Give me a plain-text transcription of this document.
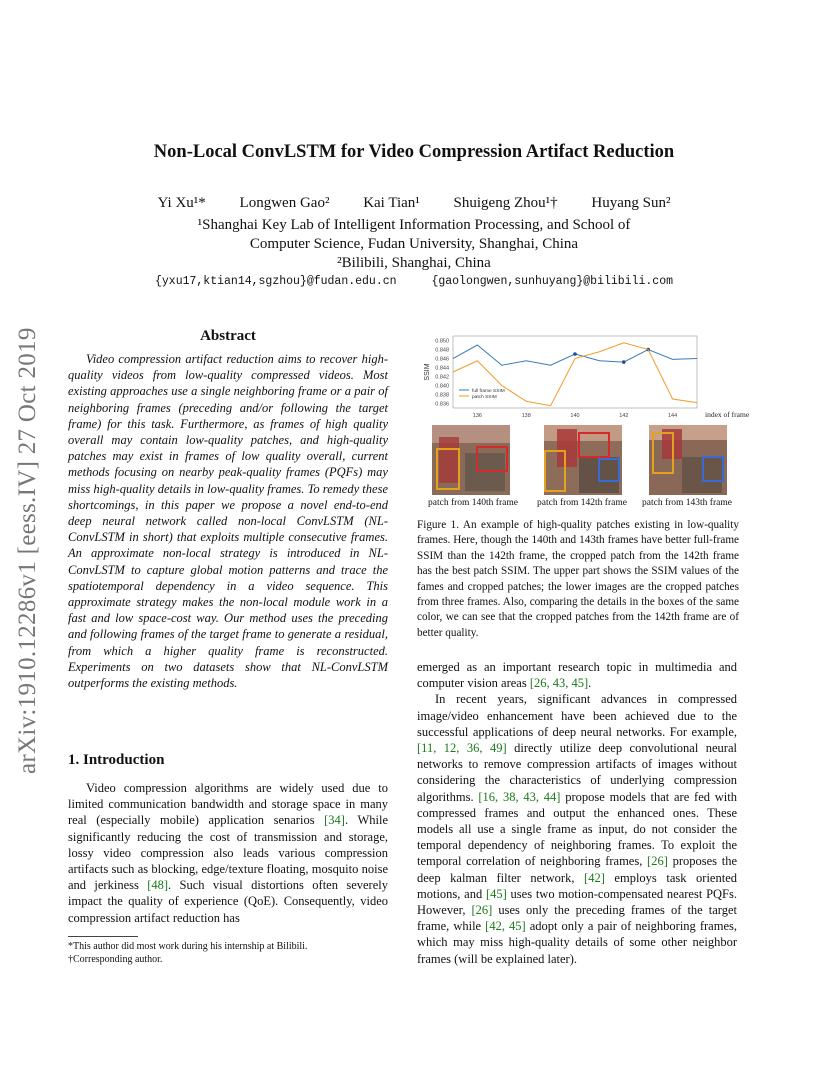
arXiv:1910.12286v1 [eess.IV] 27 Oct 2019
Non-Local ConvLSTM for Video Compression Artifact Reduction
Yi Xu¹* Longwen Gao² Kai Tian¹ Shuigeng Zhou¹† Huyang Sun²
¹Shanghai Key Lab of Intelligent Information Processing, and School of
Computer Science, Fudan University, Shanghai, China
²Bilibili, Shanghai, China
{yxu17,ktian14,sgzhou}@fudan.edu.cn	{gaolongwen,sunhuyang}@bilibili.com
Abstract

Video compression artifact reduction aims to recover high-quality videos from low-quality compressed videos. Most existing approaches use a single neighboring frame or a pair of neighboring frames (preceding and/or following the target frame) for this task. Furthermore, as frames of high quality overall may contain low-quality patches, and high-quality patches may exist in frames of low quality overall, current methods focusing on nearby peak-quality frames (PQFs) may miss high-quality details in low-quality frames. To remedy these shortcomings, in this paper we propose a novel end-to-end deep neural network called non-local ConvLSTM (NL-ConvLSTM in short) that exploits multiple consecutive frames. An approximate non-local strategy is introduced in NL-ConvLSTM to capture global motion patterns and trace the spatiotemporal dependency in a video sequence. This approximate strategy makes the non-local module work in a fast and low space-cost way. Our method uses the preceding and following frames of the target frame to generate a residual, from which a higher quality frame is reconstructed. Experiments on two datasets show that NL-ConvLSTM outperforms the existing methods.

1. Introduction

Video compression algorithms are widely used due to limited communication bandwidth and storage space in many real (especially mobile) application senarios [34]. While significantly reducing the cost of transmission and storage, lossy video compression also leads various compression artifacts such as blocking, edge/texture floating, mosquito noise and jerkiness [48]. Such visual distortions often severely impact the quality of experience (QoE). Consequently, video compression artifact reduction has

*This author did most work during his internship at Bilibili.
†Corresponding author.
0.850
0.848
0.846
0.844
0.842
0.840
0.838
0.836
136	138	140	142	144
SSIM
index of frame
full frame SSIM
patch SSIM
patch from 140th frame patch from 142th frame patch from 143th frame
Figure 1. An example of high-quality patches existing in low-quality frames. Here, though the 140th and 143th frames have better full-frame SSIM than the 142th frame, the cropped patch from the 142th frame has the best patch SSIM. The upper part shows the SSIM values of the fames and cropped patches; the lower images are the cropped patches from three frames. Also, comparing the details in the boxes of the same color, we can see that the cropped patches from the 142th frame are of better quality.

emerged as an important research topic in multimedia and computer vision areas [26, 43, 45].

In recent years, significant advances in compressed image/video enhancement have been achieved due to the successful applications of deep neural networks. For example, [11, 12, 36, 49] directly utilize deep convolutional neural networks to remove compression artifacts of images without considering the characteristics of underlying compression algorithms. [16, 38, 43, 44] propose models that are fed with compressed frames and output the enhanced ones. These models all use a single frame as input, do not consider the temporal dependency of neighboring frames. To exploit the temporal correlation of neighboring frames, [26] proposes the deep kalman filter network, [42] employs task oriented motions, and [45] uses two motion-compensated nearest PQFs. However, [26] uses only the preceding frames of the target frame, while [42, 45] adopt only a pair of neighboring frames, which may miss high-quality details of some other neighbor frames (will be explained later).
